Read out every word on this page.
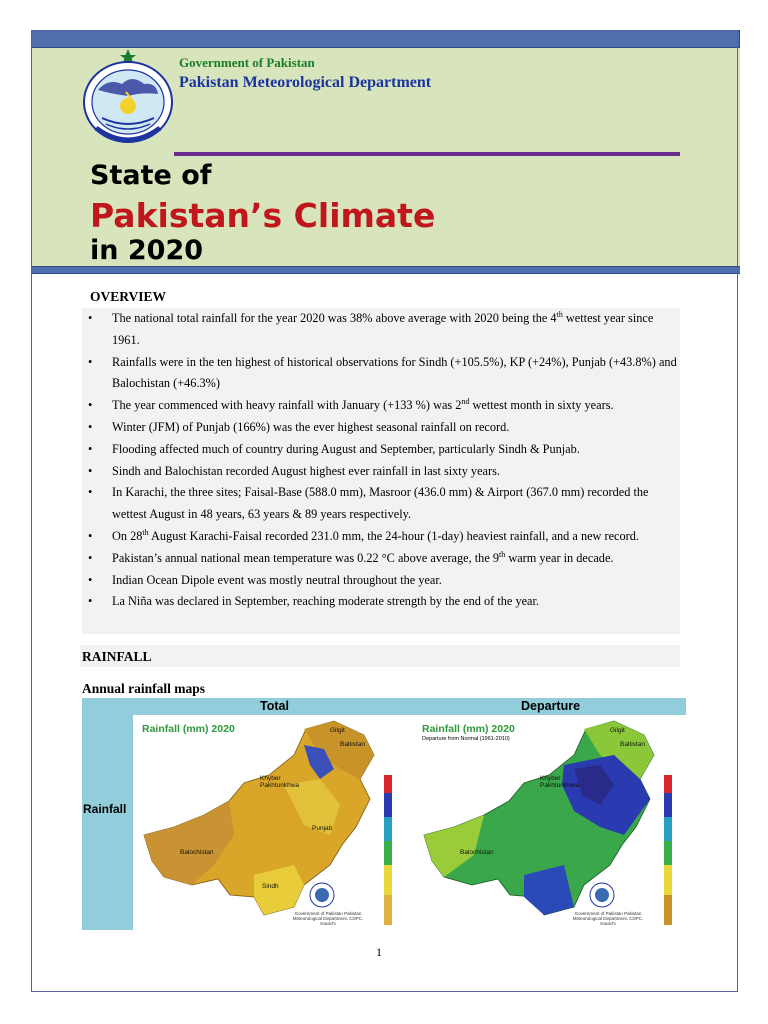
Government of Pakistan
Pakistan Meteorological Department
State of
Pakistan’s Climate
in 2020
OVERVIEW
• The national total rainfall for the year 2020 was 38% above average with 2020 being the 4th wettest year since 1961.
• Rainfalls were in the ten highest of historical observations for Sindh (+105.5%), KP (+24%), Punjab (+43.8%) and Balochistan (+46.3%)
• The year commenced with heavy rainfall with January (+133 %) was 2nd wettest month in sixty years.
• Winter (JFM) of Punjab (166%) was the ever highest seasonal rainfall on record.
• Flooding affected much of country during August and September, particularly Sindh & Punjab.
• Sindh and Balochistan recorded August highest ever rainfall in last sixty years.
• In Karachi, the three sites; Faisal-Base (588.0 mm), Masroor (436.0 mm) & Airport (367.0 mm) recorded the wettest August in 48 years, 63 years & 89 years respectively.
• On 28th August Karachi-Faisal recorded 231.0 mm, the 24-hour (1-day) heaviest rainfall, and a new record.
• Pakistan’s annual national mean temperature was 0.22 °C above average, the 9th warm year in decade.
• Indian Ocean Dipole event was mostly neutral throughout the year.
• La Niña was declared in September, reaching moderate strength by the end of the year.
RAINFALL
Annual rainfall maps
Total	Departure
Rainfall
Rainfall (mm) 2020	Gilgit
Baltistan
Khyber Pakhtunkhwa
Punjab
Balochistan
Sindh
Government of Pakistan Pakistan Meteorological Department, CDPC, Karachi
Rainfall (mm) 2020
Departure from Normal (1961-2010)
Gilgit
Baltistan
Khyber Pakhtunkhwa
Balochistan
Government of Pakistan Pakistan Meteorological Department, CDPC, Karachi
1
